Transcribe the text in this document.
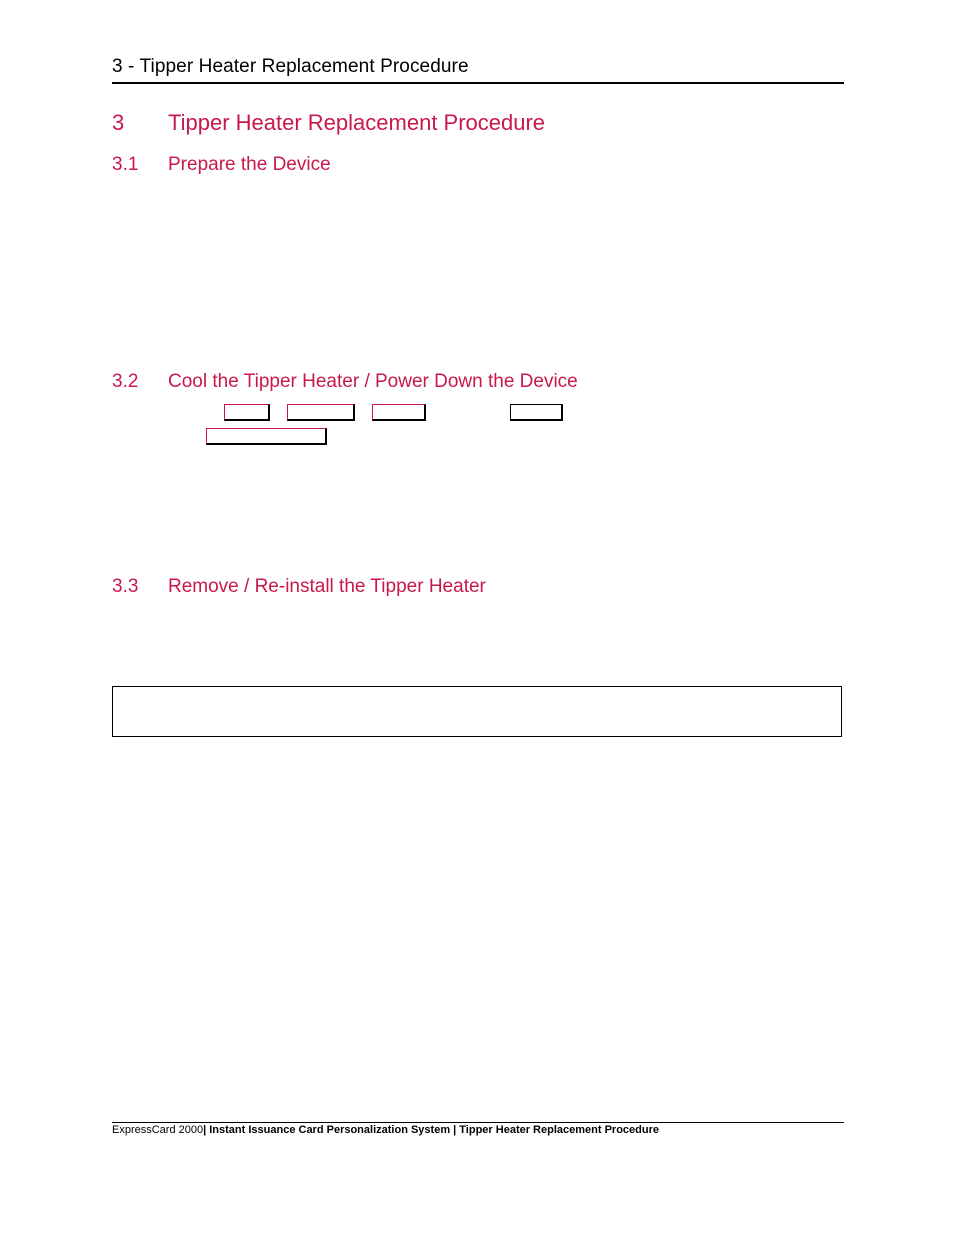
3 - Tipper Heater Replacement Procedure
3 Tipper Heater Replacement Procedure
3.1 Prepare the Device
3.2 Cool the Tipper Heater / Power Down the Device
3.3 Remove / Re-install the Tipper Heater
ExpressCard 2000| Instant Issuance Card Personalization System | Tipper Heater Replacement Procedure
